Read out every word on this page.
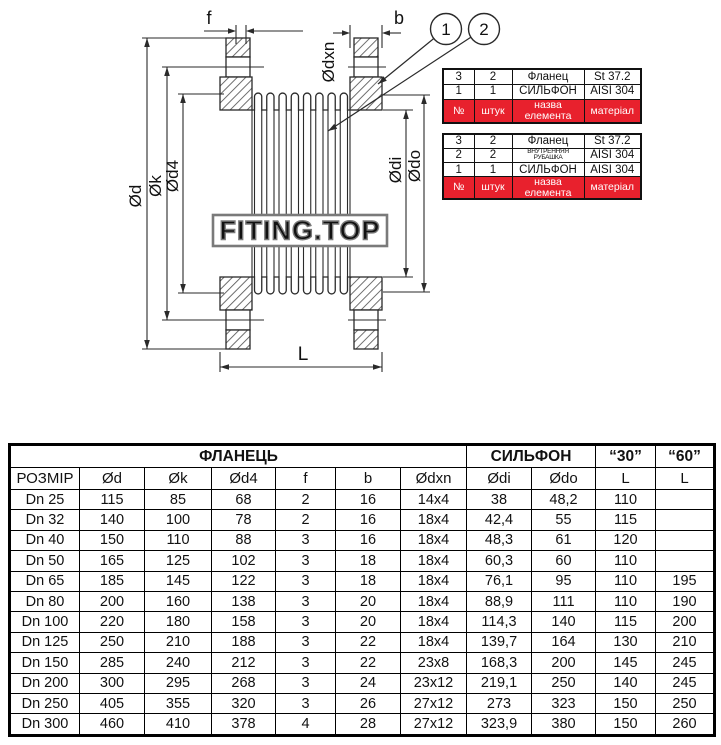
f	b
Ødxn
Ød Øk
Ød4	Ødi Ødo
L
1 2
FITING.TOP
3	2	Фланец	St 37.2
1	1	СИЛЬФОН	AISI 304
№	штук	назва елемента	матеріал
3	2	Фланец	St 37.2
2	2	ВНУТРЕННЯЯ РУБАШКА	AISI 304
1	1	СИЛЬФОН	AISI 304
№	штук	назва елемента	матеріал
ФЛАНЕЦЬ							СИЛЬФОН		“30”	“60”
РОЗМІР	Ød	Øk	Ød4	f	b	Ødxn	Ødi	Ødo	L	L
Dn 25	115	85	68	2	16	14x4	38	48,2	110	
Dn 32	140	100	78	2	16	18x4	42,4	55	115	
Dn 40	150	110	88	3	16	18x4	48,3	61	120	
Dn 50	165	125	102	3	18	18x4	60,3	60	110	
Dn 65	185	145	122	3	18	18x4	76,1	95	110	195
Dn 80	200	160	138	3	20	18x4	88,9	111	110	190
Dn 100	220	180	158	3	20	18x4	114,3	140	115	200
Dn 125	250	210	188	3	22	18x4	139,7	164	130	210
Dn 150	285	240	212	3	22	23x8	168,3	200	145	245
Dn 200	300	295	268	3	24	23x12	219,1	250	140	245
Dn 250	405	355	320	3	26	27x12	273	323	150	250
Dn 300	460	410	378	4	28	27x12	323,9	380	150	260
